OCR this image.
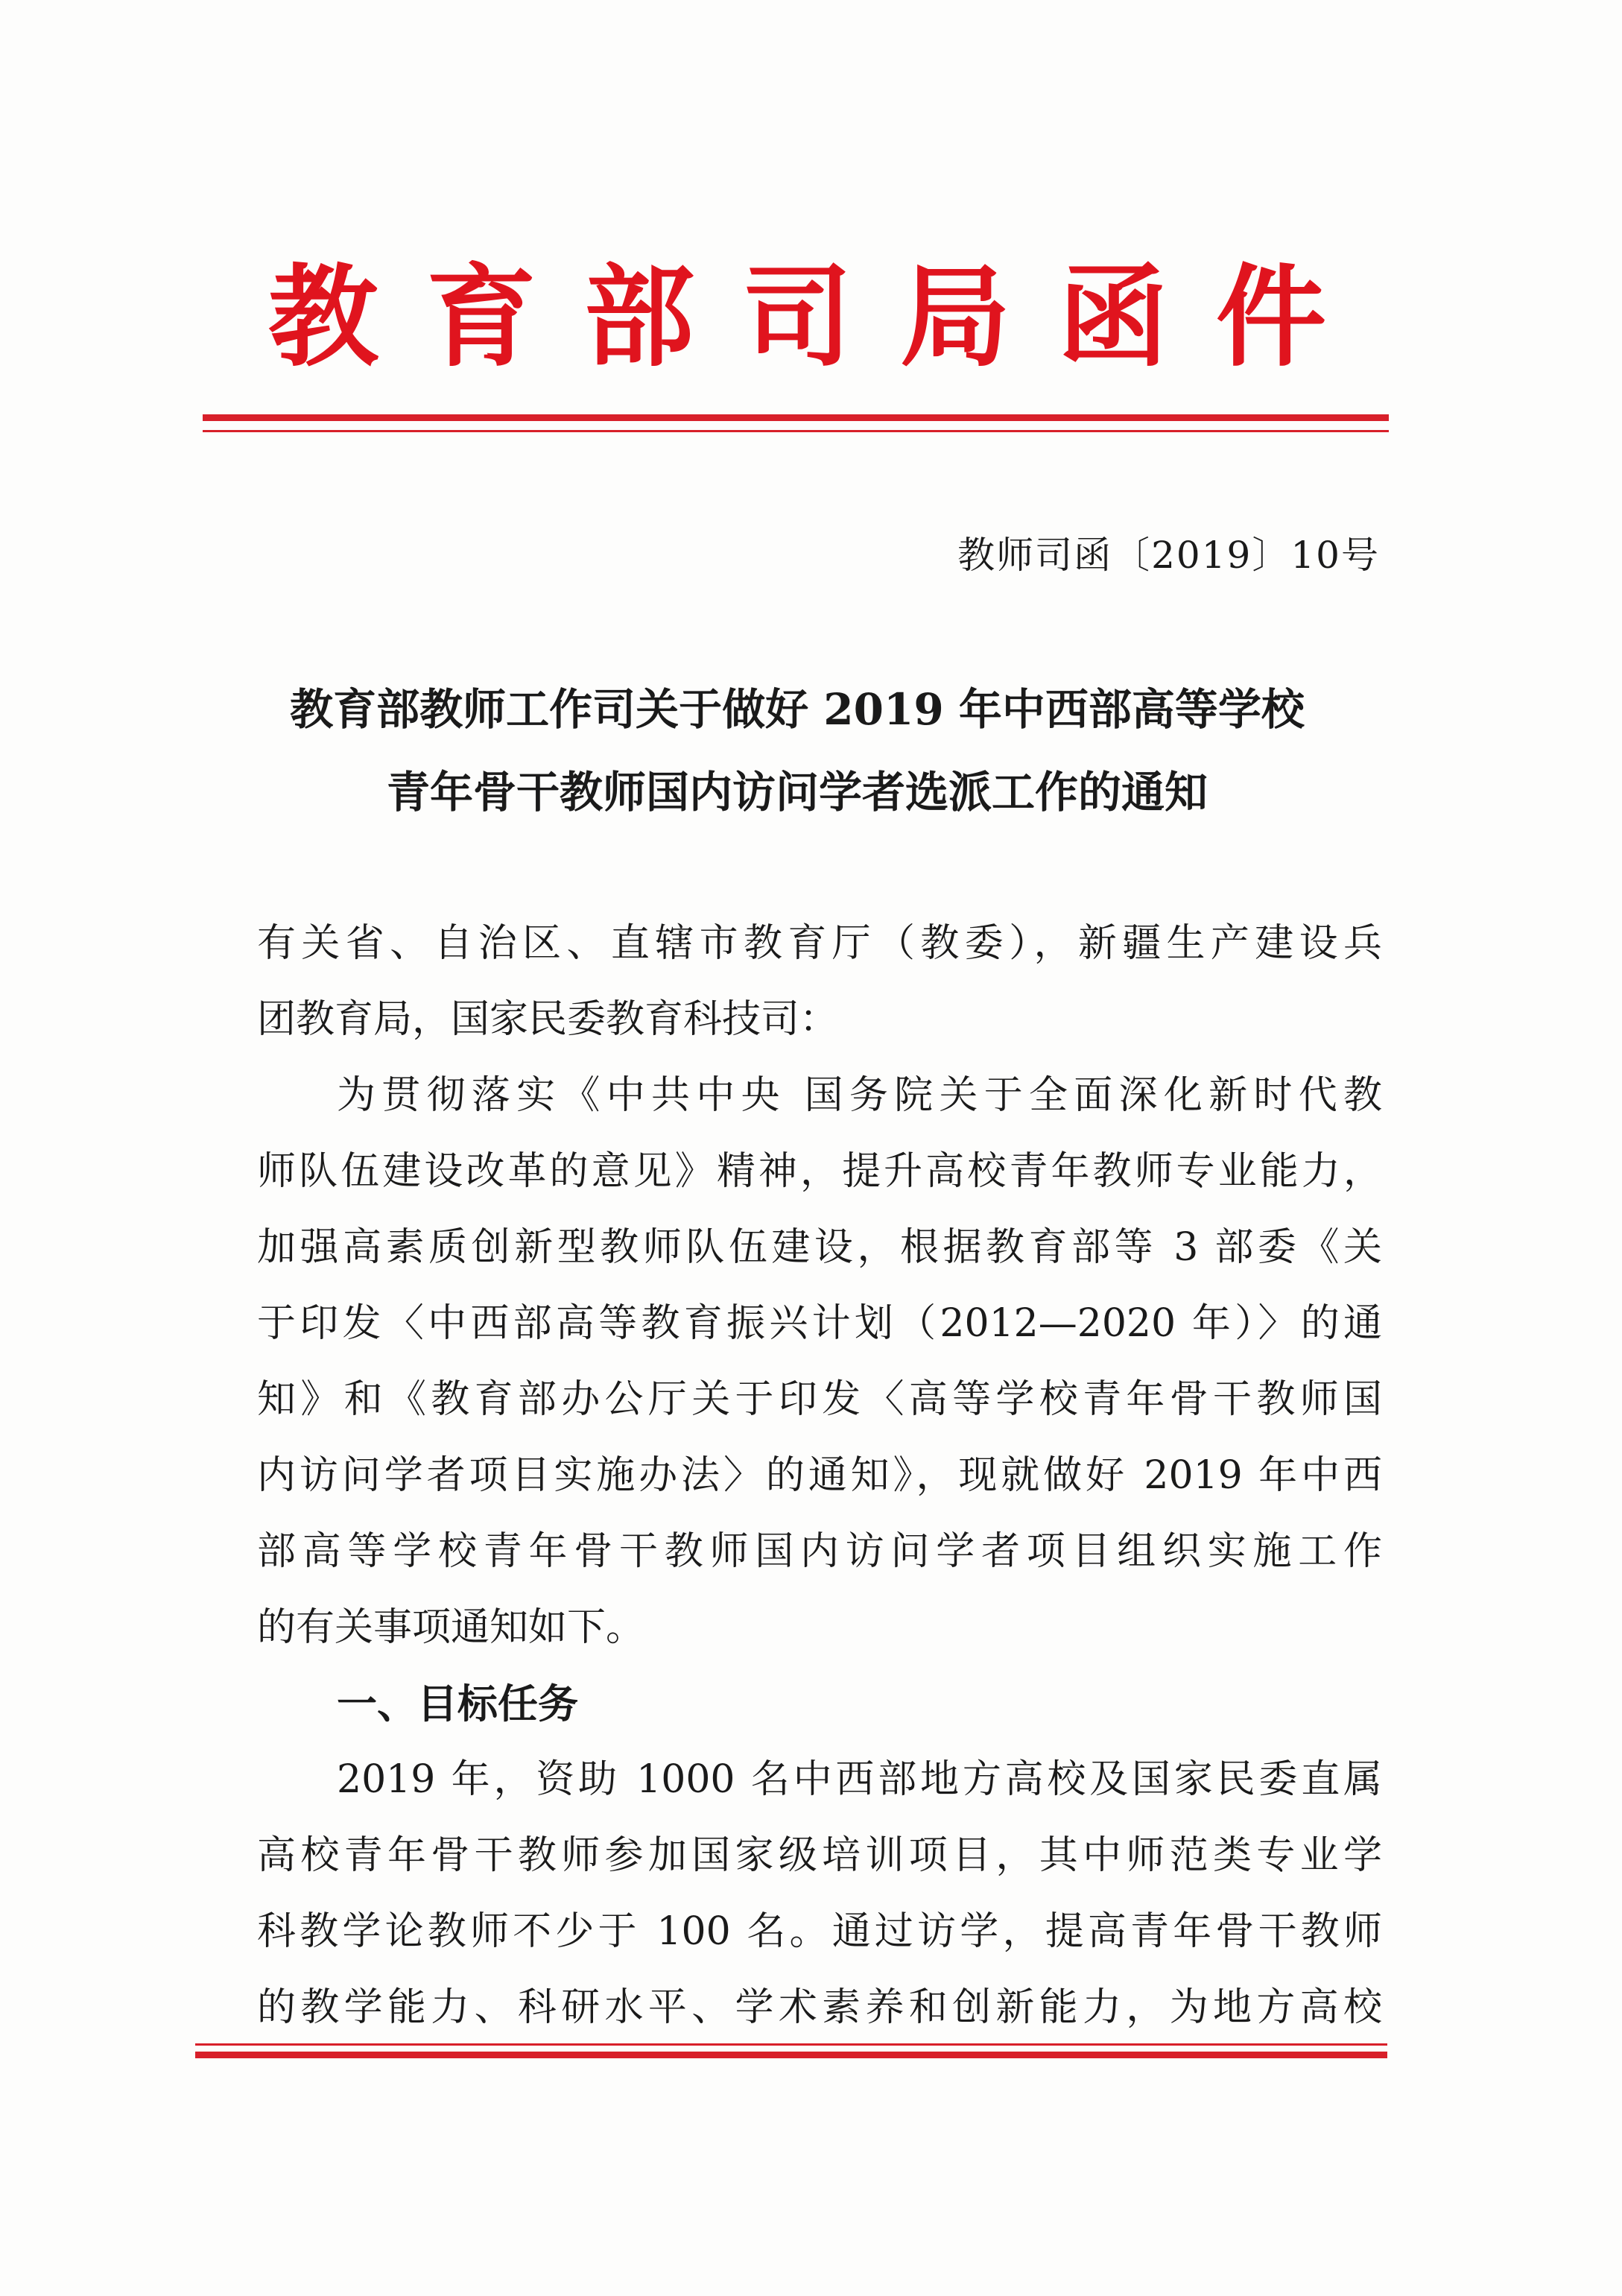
教 育 部 司 局 函 件
教师司函〔2019〕10号
教育部教师工作司关于做好 2019 年中西部高等学校
青年骨干教师国内访问学者选派工作的通知
有关省、自治区、直辖市教育厅（教委），新疆生产建设兵
团教育局，国家民委教育科技司：
为贯彻落实《中共中央 国务院关于全面深化新时代教
师队伍建设改革的意见》精神，提升高校青年教师专业能力，
加强高素质创新型教师队伍建设，根据教育部等 3 部委《关
于印发〈中西部高等教育振兴计划（2012—2020 年）〉的通
知》和《教育部办公厅关于印发〈高等学校青年骨干教师国
内访问学者项目实施办法〉的通知》，现就做好 2019 年中西
部高等学校青年骨干教师国内访问学者项目组织实施工作
的有关事项通知如下。
一、目标任务
2019 年，资助 1000 名中西部地方高校及国家民委直属
高校青年骨干教师参加国家级培训项目，其中师范类专业学
科教学论教师不少于 100 名。通过访学，提高青年骨干教师
的教学能力、科研水平、学术素养和创新能力，为地方高校
